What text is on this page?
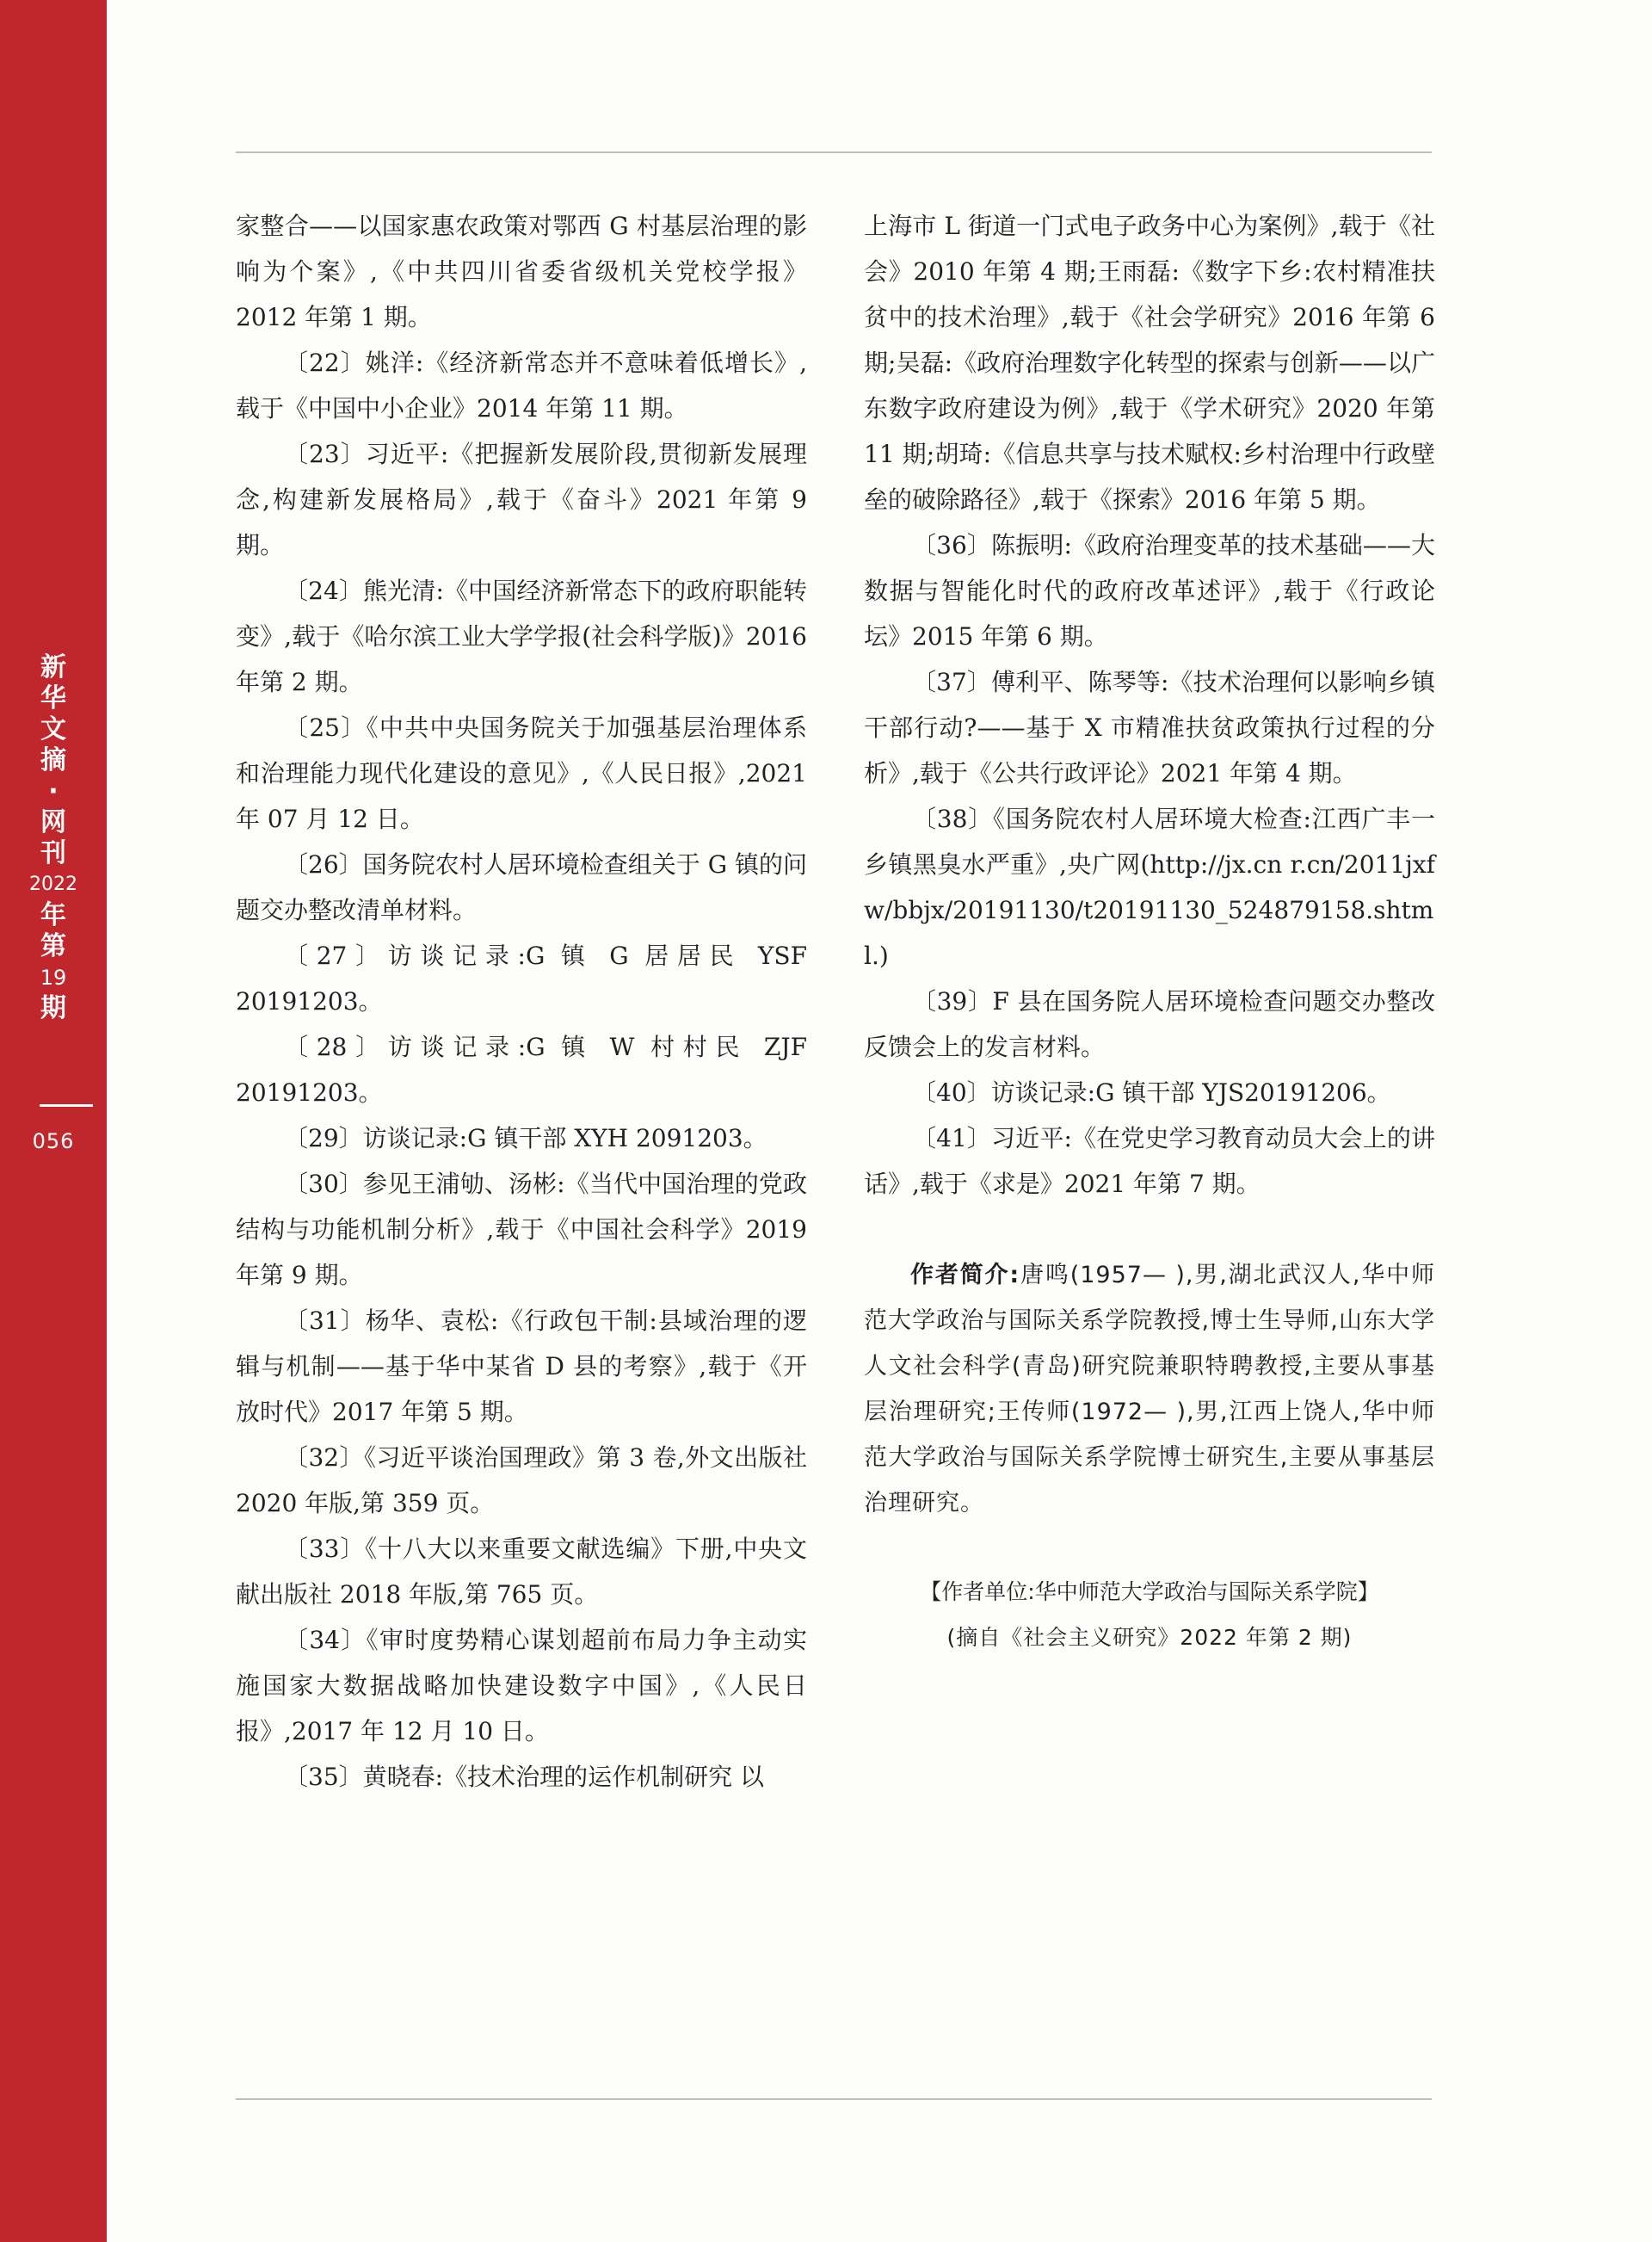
新
华
文
摘
·
网
刊
2022
年
第
19
期
056

家整合——以国家惠农政策对鄂西 G 村基层治理的影响为个案》,《中共四川省委省级机关党校学报》2012 年第 1 期。

〔22〕姚洋:《经济新常态并不意味着低增长》,载于《中国中小企业》2014 年第 11 期。

〔23〕习近平:《把握新发展阶段,贯彻新发展理念,构建新发展格局》,载于《奋斗》2021 年第 9 期。

〔24〕熊光清:《中国经济新常态下的政府职能转变》,载于《哈尔滨工业大学学报(社会科学版)》2016 年第 2 期。

〔25〕《中共中央国务院关于加强基层治理体系和治理能力现代化建设的意见》,《人民日报》,2021 年 07 月 12 日。

〔26〕国务院农村人居环境检查组关于 G 镇的问题交办整改清单材料。

〔27〕访谈记录:G 镇 G 居居民 YSF 20191203。

〔28〕访谈记录:G 镇 W 村村民 ZJF 20191203。

〔29〕访谈记录:G 镇干部 XYH 2091203。

〔30〕参见王浦劬、汤彬:《当代中国治理的党政结构与功能机制分析》,载于《中国社会科学》2019 年第 9 期。

〔31〕杨华、袁松:《行政包干制:县域治理的逻辑与机制——基于华中某省 D 县的考察》,载于《开放时代》2017 年第 5 期。

〔32〕《习近平谈治国理政》第 3 卷,外文出版社 2020 年版,第 359 页。

〔33〕《十八大以来重要文献选编》下册,中央文献出版社 2018 年版,第 765 页。

〔34〕《审时度势精心谋划超前布局力争主动实施国家大数据战略加快建设数字中国》,《人民日报》,2017 年 12 月 10 日。

〔35〕黄晓春:《技术治理的运作机制研究 以

上海市 L 街道一门式电子政务中心为案例》,载于《社会》2010 年第 4 期;王雨磊:《数字下乡:农村精准扶贫中的技术治理》,载于《社会学研究》2016 年第 6 期;吴磊:《政府治理数字化转型的探索与创新——以广东数字政府建设为例》,载于《学术研究》2020 年第 11 期;胡琦:《信息共享与技术赋权:乡村治理中行政壁垒的破除路径》,载于《探索》2016 年第 5 期。

〔36〕陈振明:《政府治理变革的技术基础——大数据与智能化时代的政府改革述评》,载于《行政论坛》2015 年第 6 期。

〔37〕傅利平、陈琴等:《技术治理何以影响乡镇干部行动?——基于 X 市精准扶贫政策执行过程的分析》,载于《公共行政评论》2021 年第 4 期。

〔38〕《国务院农村人居环境大检查:江西广丰一乡镇黑臭水严重》,央广网(http://jx.cn r.cn/2011jxfw/bbjx/20191130/t20191130_524879158.shtml.)

〔39〕F 县在国务院人居环境检查问题交办整改反馈会上的发言材料。

〔40〕访谈记录:G 镇干部 YJS20191206。

〔41〕习近平:《在党史学习教育动员大会上的讲话》,载于《求是》2021 年第 7 期。

作者简介:唐鸣(1957— ),男,湖北武汉人,华中师范大学政治与国际关系学院教授,博士生导师,山东大学人文社会科学(青岛)研究院兼职特聘教授,主要从事基层治理研究;王传师(1972— ),男,江西上饶人,华中师范大学政治与国际关系学院博士研究生,主要从事基层治理研究。

【作者单位:华中师范大学政治与国际关系学院】

(摘自《社会主义研究》2022 年第 2 期)
